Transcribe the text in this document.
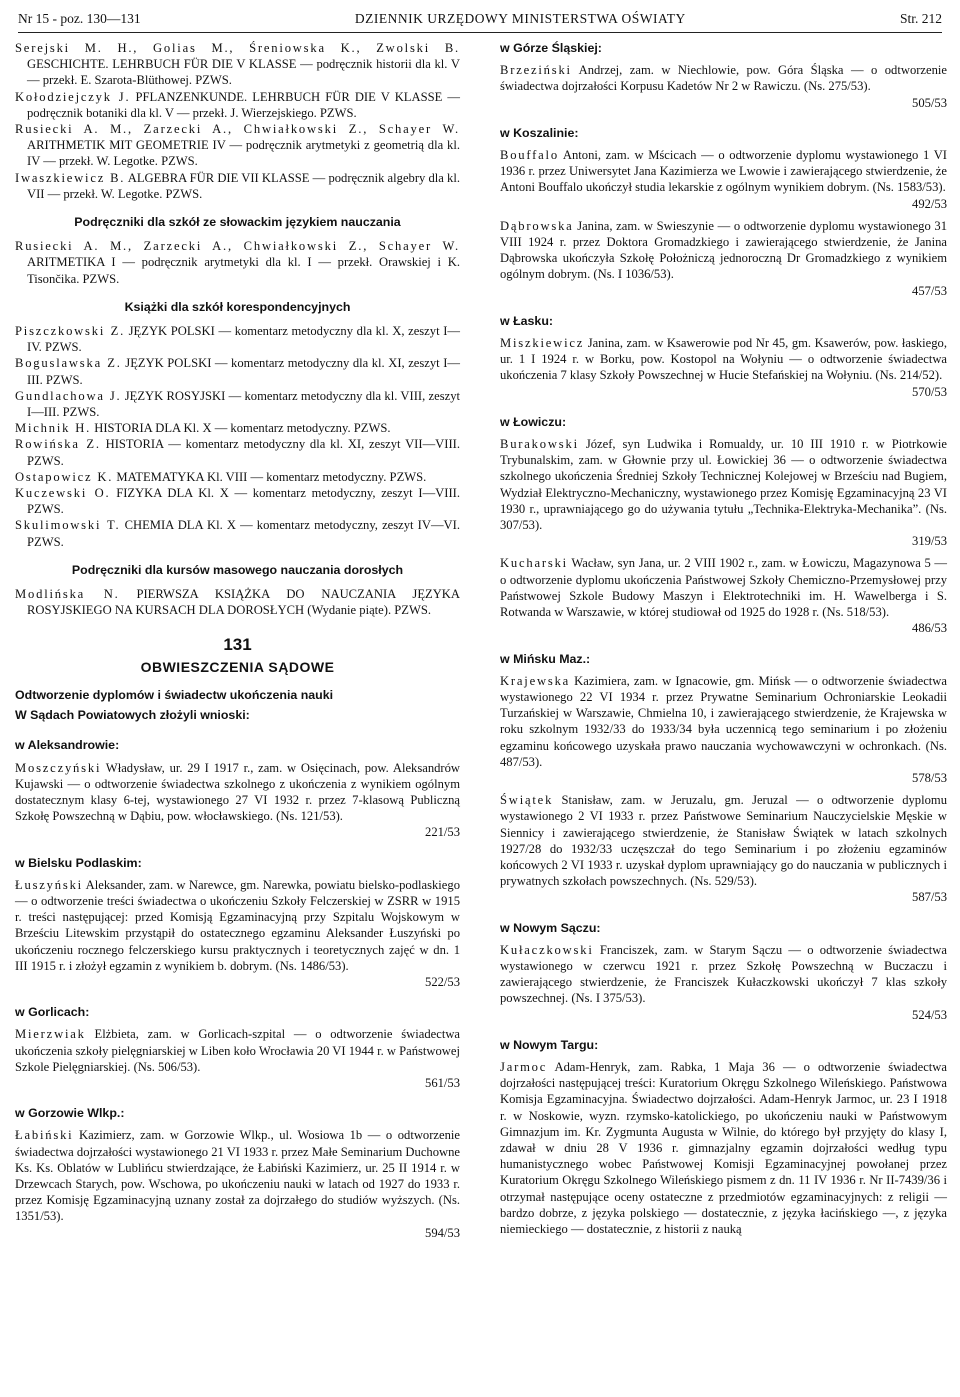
Nr 15 - poz. 130—131	DZIENNIK URZĘDOWY MINISTERSTWA OŚWIATY	Str. 212

Serejski M. H., Golias M., Śreniowska K., Zwolski B. GESCHICHTE. LEHRBUCH FÜR DIE V KLASSE — podręcznik historii dla kl. V — przekł. E. Szarota-Blüthowej. PZWS.

Kołodziejczyk J. PFLANZENKUNDE. LEHRBUCH FÜR DIE V KLASSE — podręcznik botaniki dla kl. V — przekł. J. Wierzejskiego. PZWS.

Rusiecki A. M., Zarzecki A., Chwiałkowski Z., Schayer W. ARITHMETIK MIT GEOMETRIE IV — podręcznik arytmetyki z geometrią dla kl. IV — przekł. W. Legotke. PZWS.

Iwaszkiewicz B. ALGEBRA FÜR DIE VII KLASSE — podręcznik algebry dla kl. VII — przekł. W. Legotke. PZWS.

Podręczniki dla szkół ze słowackim językiem nauczania

Rusiecki A. M., Zarzecki A., Chwiałkowski Z., Schayer W. ARITMETIKA I — podręcznik arytmetyki dla kl. I — przekł. Orawskiej i K. Tisončika. PZWS.

Książki dla szkół korespondencyjnych

Piszczkowski Z. JĘZYK POLSKI — komentarz metodyczny dla kl. X, zeszyt I—IV. PZWS.

Boguslawska Z. JĘZYK POLSKI — komentarz metodyczny dla kl. XI, zeszyt I—III. PZWS.

Gundlachowa J. JĘZYK ROSYJSKI — komentarz metodyczny dla kl. VIII, zeszyt I—III. PZWS.

Michnik H. HISTORIA DLA Kl. X — komentarz metodyczny. PZWS.

Rowińska Z. HISTORIA — komentarz metodyczny dla kl. XI, zeszyt VII—VIII. PZWS.

Ostapowicz K. MATEMATYKA Kl. VIII — komentarz metodyczny. PZWS.

Kuczewski O. FIZYKA DLA Kl. X — komentarz metodyczny, zeszyt I—VIII. PZWS.

Skulimowski T. CHEMIA DLA Kl. X — komentarz metodyczny, zeszyt IV—VI. PZWS.

Podręczniki dla kursów masowego nauczania dorosłych

Modlińska N. PIERWSZA KSIĄŻKA DO NAUCZANIA JĘZYKA ROSYJSKIEGO NA KURSACH DLA DOROSŁYCH (Wydanie piąte). PZWS.

131
OBWIESZCZENIA SĄDOWE
Odtworzenie dyplomów i świadectw ukończenia nauki
W Sądach Powiatowych złożyli wnioski:
w Aleksandrowie:

Moszczyński Władysław, ur. 29 I 1917 r., zam. w Osięcinach, pow. Aleksandrów Kujawski — o odtworzenie świadectwa szkolnego z ukończenia z wynikiem ogólnym dostatecznym klasy 6-tej, wystawionego 27 VI 1932 r. przez 7-klasową Publiczną Szkołę Powszechną w Dąbiu, pow. włocławskiego. (Ns. 121/53).

221/53
w Bielsku Podlaskim:

Łuszyński Aleksander, zam. w Narewce, gm. Narewka, powiatu bielsko-podlaskiego — o odtworzenie treści świadectwa o ukończeniu Szkoły Felczerskiej w ZSRR w 1915 r. treści następującej: przed Komisją Egzaminacyjną przy Szpitalu Wojskowym w Brześciu Litewskim przystąpił do ostatecznego egzaminu Aleksander Łuszyński po ukończeniu rocznego felczerskiego kursu praktycznych i teoretycznych zajęć w dn. 1 III 1915 r. i złożył egzamin z wynikiem b. dobrym. (Ns. 1486/53).

522/53
w Gorlicach:

Mierzwiak Elżbieta, zam. w Gorlicach-szpital — o odtworzenie świadectwa ukończenia szkoły pielęgniarskiej w Liben koło Wrocławia 20 VI 1944 r. w Państwowej Szkole Pielęgniarskiej. (Ns. 506/53).

561/53
w Gorzowie Wlkp.:

Łabiński Kazimierz, zam. w Gorzowie Wlkp., ul. Wosiowa 1b — o odtworzenie świadectwa dojrzałości wystawionego 21 VI 1933 r. przez Małe Seminarium Duchowne Ks. Ks. Oblatów w Lublińcu stwierdzające, że Łabiński Kazimierz, ur. 25 II 1914 r. w Drzewcach Starych, pow. Wschowa, po ukończeniu nauki w latach od 1927 do 1933 r. przez Komisję Egzaminacyjną uznany został za dojrzałego do studiów wyższych. (Ns. 1351/53).

594/53
w Górze Śląskiej:

Brzeziński Andrzej, zam. w Niechlowie, pow. Góra Śląska — o odtworzenie świadectwa dojrzałości Korpusu Kadetów Nr 2 w Rawiczu. (Ns. 275/53).

505/53
w Koszalinie:

Bouffalo Antoni, zam. w Mścicach — o odtworzenie dyplomu wystawionego 1 VI 1936 r. przez Uniwersytet Jana Kazimierza we Lwowie i zawierającego stwierdzenie, że Antoni Bouffalo ukończył studia lekarskie z ogólnym wynikiem dobrym. (Ns. 1583/53).

492/53

Dąbrowska Janina, zam. w Swieszynie — o odtworzenie dyplomu wystawionego 31 VIII 1924 r. przez Doktora Gromadzkiego i zawierającego stwierdzenie, że Janina Dąbrowska ukończyła Szkołę Położniczą jednoroczną Dr Gromadzkiego z wynikiem ogólnym dobrym. (Ns. I 1036/53).

457/53
w Łasku:

Miszkiewicz Janina, zam. w Ksawerowie pod Nr 45, gm. Ksawerów, pow. łaskiego, ur. 1 I 1924 r. w Borku, pow. Kostopol na Wołyniu — o odtworzenie świadectwa ukończenia 7 klasy Szkoły Powszechnej w Hucie Stefańskiej na Wołyniu. (Ns. 214/52).

570/53
w Łowiczu:

Burakowski Józef, syn Ludwika i Romualdy, ur. 10 III 1910 r. w Piotrkowie Trybunalskim, zam. w Głownie przy ul. Łowickiej 36 — o odtworzenie świadectwa szkolnego ukończenia Średniej Szkoły Technicznej Kolejowej w Brześciu nad Bugiem, Wydział Elektryczno-Mechaniczny, wystawionego przez Komisję Egzaminacyjną 23 VI 1930 r., uprawniającego go do używania tytułu „Technika-Elektryka-Mechanika”. (Ns. 307/53).

319/53

Kucharski Wacław, syn Jana, ur. 2 VIII 1902 r., zam. w Łowiczu, Magazynowa 5 — o odtworzenie dyplomu ukończenia Państwowej Szkoły Chemiczno-Przemysłowej przy Państwowej Szkole Budowy Maszyn i Elektrotechniki im. H. Wawelberga i S. Rotwanda w Warszawie, w której studiował od 1925 do 1928 r. (Ns. 518/53).

486/53
w Mińsku Maz.:

Krajewska Kazimiera, zam. w Ignacowie, gm. Mińsk — o odtworzenie świadectwa wystawionego 22 VI 1934 r. przez Prywatne Seminarium Ochroniarskie Leokadii Turzańskiej w Warszawie, Chmielna 10, i zawierającego stwierdzenie, że Krajewska w roku szkolnym 1932/33 do 1933/34 była uczennicą tego seminarium i po złożeniu egzaminu końcowego uzyskała prawo nauczania wychowawczyni w ochronkach. (Ns. 487/53).

578/53

Świątek Stanisław, zam. w Jeruzalu, gm. Jeruzal — o odtworzenie dyplomu wystawionego 2 VI 1933 r. przez Państwowe Seminarium Nauczycielskie Męskie w Siennicy i zawierającego stwierdzenie, że Stanisław Świątek w latach szkolnych 1927/28 do 1932/33 uczęszczał do tego Seminarium i po złożeniu egzaminów końcowych 2 VI 1933 r. uzyskał dyplom uprawniający go do nauczania w publicznych i prywatnych szkołach powszechnych. (Ns. 529/53).

587/53
w Nowym Sączu:

Kułaczkowski Franciszek, zam. w Starym Sączu — o odtworzenie świadectwa wystawionego w czerwcu 1921 r. przez Szkołę Powszechną w Buczaczu i zawierającego stwierdzenie, że Franciszek Kułaczkowski ukończył 7 klas szkoły powszechnej. (Ns. I 375/53).

524/53
w Nowym Targu:

Jarmoc Adam-Henryk, zam. Rabka, 1 Maja 36 — o odtworzenie świadectwa dojrzałości następującej treści: Kuratorium Okręgu Szkolnego Wileńskiego. Państwowa Komisja Egzaminacyjna. Świadectwo dojrzałości. Adam-Henryk Jarmoc, ur. 23 I 1918 r. w Noskowie, wyzn. rzymsko-katolickiego, po ukończeniu nauki w Państwowym Gimnazjum im. Kr. Zygmunta Augusta w Wilnie, do którego był przyjęty do klasy I, zdawał w dniu 28 V 1936 r. gimnazjalny egzamin dojrzałości według typu humanistycznego wobec Państwowej Komisji Egzaminacyjnej powołanej przez Kuratorium Okręgu Szkolnego Wileńskiego pismem z dn. 11 IV 1936 r. Nr II-7439/36 i otrzymał następujące oceny ostateczne z przedmiotów egzaminacyjnych: z religii — bardzo dobrze, z języka polskiego — dostatecznie, z języka łacińskiego —, z języka niemieckiego — dostatecznie, z historii z nauką
